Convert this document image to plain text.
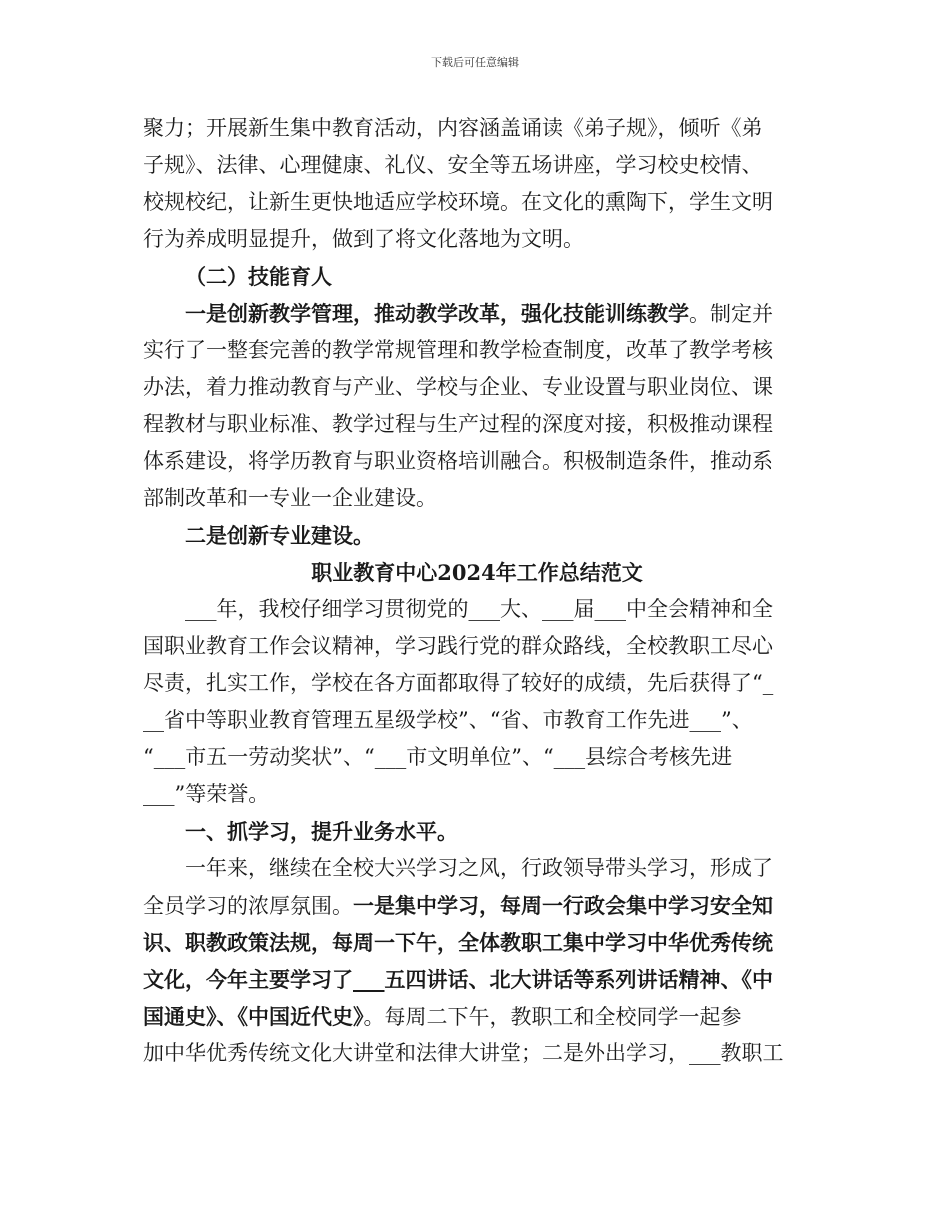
下载后可任意编辑
聚力；开展新生集中教育活动，内容涵盖诵读《弟子规》，倾听《弟
子规》、法律、心理健康、礼仪、安全等五场讲座，学习校史校情、
校规校纪，让新生更快地适应学校环境。在文化的熏陶下，学生文明
行为养成明显提升，做到了将文化落地为文明。
（二）技能育人
一是创新教学管理，推动教学改革，强化技能训练教学。制定并
实行了一整套完善的教学常规管理和教学检查制度，改革了教学考核
办法，着力推动教育与产业、学校与企业、专业设置与职业岗位、课
程教材与职业标准、教学过程与生产过程的深度对接，积极推动课程
体系建设，将学历教育与职业资格培训融合。积极制造条件，推动系
部制改革和一专业一企业建设。
二是创新专业建设。
职业教育中心2024年工作总结范文
___年，我校仔细学习贯彻党的___大、___届___中全会精神和全
国职业教育工作会议精神，学习践行党的群众路线，全校教职工尽心
尽责，扎实工作，学校在各方面都取得了较好的成绩，先后获得了“_
__省中等职业教育管理五星级学校”、“省、市教育工作先进___”、
“___市五一劳动奖状”、“___市文明单位”、“___县综合考核先进
___”等荣誉。
一、抓学习，提升业务水平。
一年来，继续在全校大兴学习之风，行政领导带头学习，形成了
全员学习的浓厚氛围。一是集中学习，每周一行政会集中学习安全知
识、职教政策法规，每周一下午，全体教职工集中学习中华优秀传统
文化，今年主要学习了___五四讲话、北大讲话等系列讲话精神、《中
国通史》、《中国近代史》。每周二下午，教职工和全校同学一起参
加中华优秀传统文化大讲堂和法律大讲堂；二是外出学习，___教职工
